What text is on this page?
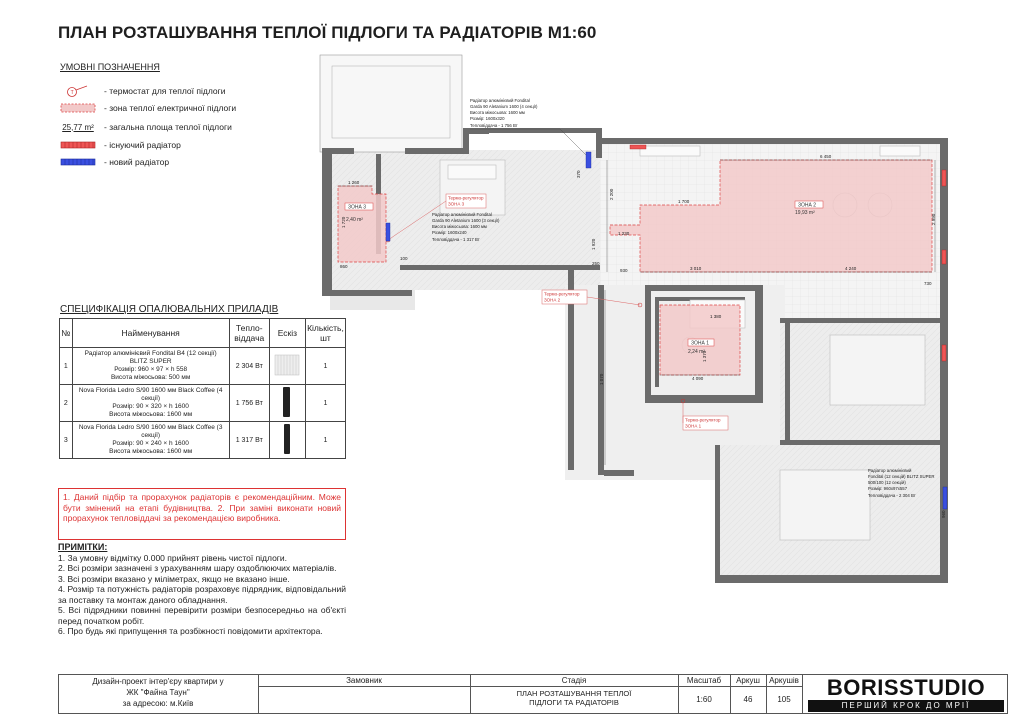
ПЛАН РОЗТАШУВАННЯ ТЕПЛОЇ ПІДЛОГИ ТА РАДІАТОРІВ М1:60
УМОВНІ ПОЗНАЧЕННЯ
T	- термостат для теплої підлоги
- зона теплої електричної підлоги
25,77 m²	- загальна площа теплої підлоги
- існуючий радіатор
- новий радіатор
СПЕЦИФІКАЦІЯ ОПАЛЮВАЛЬНИХ ПРИЛАДІВ
№	Найменування	Тепло-віддача	Ескіз	Кількість, шт
1	Радіатор алюмінієвий Fondital B4 (12 секції) BLITZ SUPER
Розмір: 960 × 97 × h 558
Висота міжосьова: 500 мм	2 304 Вт		1
2	Nova Florida Ledro S/90 1600 мм Black Coffee (4 секції)
Розмір: 90 × 320 × h 1600
Висота міжосьова: 1600 мм	1 756 Вт		1
3	Nova Florida Ledro S/90 1600 мм Black Coffee (3 секції)
Розмір: 90 × 240 × h 1600
Висота міжосьова: 1600 мм	1 317 Вт		1
1. Даний підбір та прорахунок радіаторів є рекомендаційним. Може бути змінений на етапі будівництва. 2. При заміні виконати новий прорахунок тепловіддачі за рекомендацією виробника.
ПРИМІТКИ:
1. За умовну відмітку 0.000 прийнят рівень чистої підлоги.
2. Всі розміри зазначені з урахуванням шару оздоблюючих матеріалів.
3. Всі розміри вказано у міліметрах, якщо не вказано інше.
4. Розмір та потужність радіаторів розраховує підрядник, відповідальний за поставку та монтаж даного обладнання.
5. Всі підрядники повинні перевірити розміри безпосередньо на об'єкті перед початком робіт.
6. Про будь які припущення та розбіжності повідомити архітектора.
ЗОНА 3
2,40 m²
ЗОНА 2
19,93 m²
ЗОНА 1
2,24 m²
Термо-регулятор
ЗОНА 3
Термо-регулятор
ЗОНА 2
Термо-регулятор
ЗОНА 1
Радіатор алюмінієвий Fondital
Garda 90 Aletanium 1600 (4 секції)
Висота міжосьова: 1600 мм
Розмір: 1600х320
Тепловіддача - 1 756 Вт
Радіатор алюмінієвий Fondital
Garda 90 Aletanium 1600 (3 секції)
Висота міжосьова: 1600 мм
Розмір: 1600х240
Тепловіддача - 1 317 Вт
Радіатор алюмінієвий
Fondital (12 секцій) BLITZ SUPER
500/100 (12 секцій)
Розмір: 960х97х557
Тепловіддача - 2 304 Вт
6 450
3 010	4 240
1 260
1 700
1 230
4 090
1 380
930
730
860
100
250
2 200
2 990
1 070
1 720
1 370
960
1 920
370
Дизайн-проект інтер'єру квартири у
ЖК "Файна Таун"
за адресою: м.Київ
Замовник	Стадія
ПЛАН РОЗТАШУВАННЯ ТЕПЛОЇ ПІДЛОГИ ТА РАДІАТОРІВ
Масштаб
1:60
Аркуш
46
Аркушів
105	BORISSTUDIO
ПЕРШИЙ КРОК ДО МРІЇ
